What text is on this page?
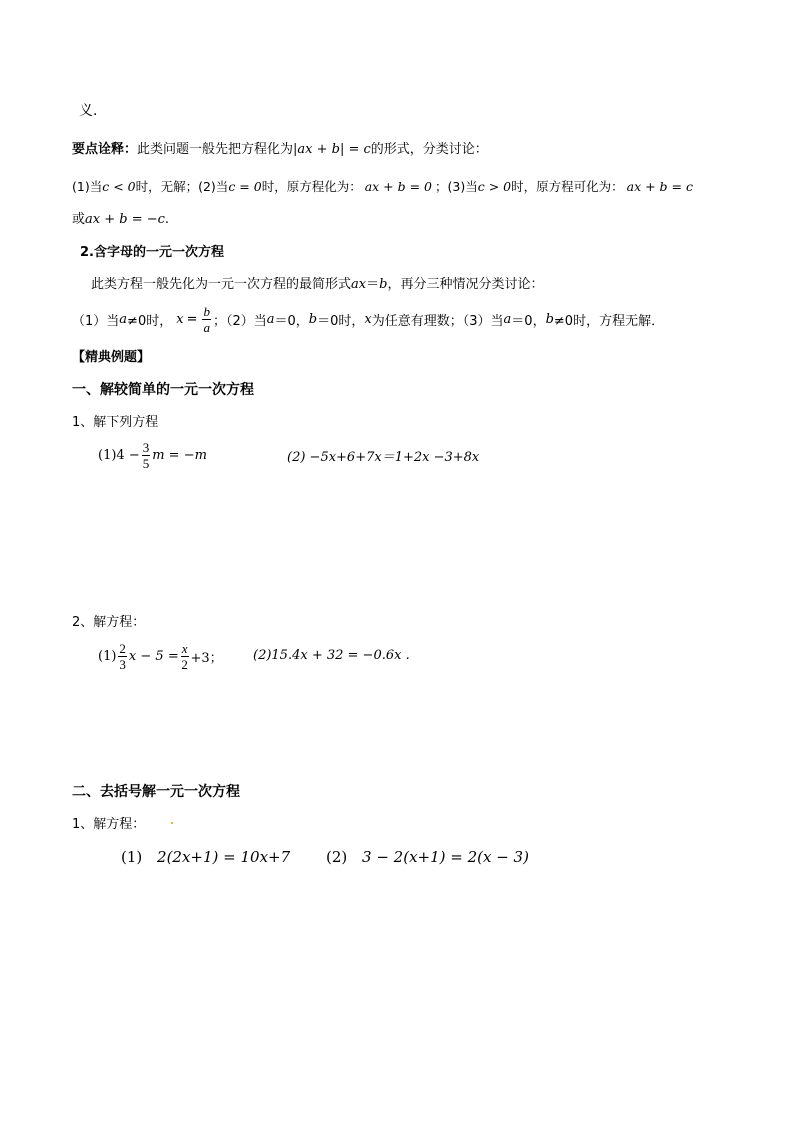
义.
要点诠释：此类问题一般先把方程化为|ax + b| = c的形式，分类讨论：
(1)当c < 0时，无解；(2)当c = 0时，原方程化为： ax + b = 0 ；(3)当c > 0时，原方程可化为： ax + b = c
或ax + b = −c.
2.含字母的一元一次方程
此类方程一般先化为一元一次方程的最简形式ax＝b，再分三种情况分类讨论：
（1）当 a ≠0时， $x = \frac{b}{a}$ ；（2）当 a ＝0， b ＝0时， x 为任意有理数；（3）当 a ＝0， b ≠0时，方程无解．
【精典例题】
一、解较简单的一元一次方程
1、解下列方程
$(1)4 - \frac{3}{5}$ m = −m	(2) −5x+6+7x＝1+2x −3+8x
2、解方程：
$(1) \frac{2}{3}$ $x - 5 = \frac{x}{2} +3$； (2)15.4x + 32 = −0.6x .
二、去括号解一元一次方程
1、解方程：
(1) 2(2x+1) = 10x+7 (2) 3 − 2(x+1) = 2(x − 3)
